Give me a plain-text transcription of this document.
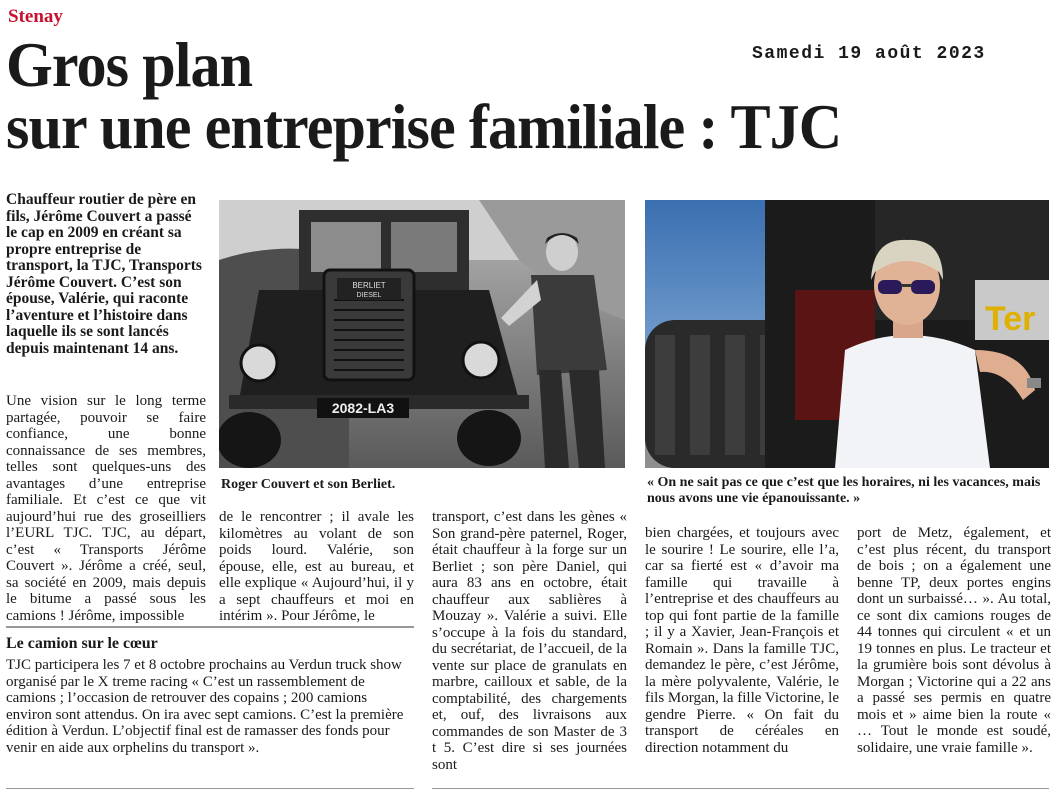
Stenay
Samedi 19 août 2023
Gros plan
sur une entreprise familiale : TJC

Chauffeur routier de père en fils, Jérôme Couvert a passé le cap en 2009 en créant sa propre entreprise de transport, la TJC, Transports Jérôme Couvert. C’est son épouse, Valérie, qui raconte l’aventure et l’histoire dans laquelle ils se sont lancés depuis maintenant 14 ans.

Une vision sur le long terme partagée, pouvoir se faire confiance, une bonne connaissance de ses membres, telles sont quelques-uns des avantages d’une entreprise familiale. Et c’est ce que vit aujourd’hui rue des groseilliers l’EURL TJC. TJC, au départ, c’est « Transports Jérôme Couvert ». Jérôme a créé, seul, sa société en 2009, mais depuis le bitume a passé sous les camions ! Jérôme, impossible

BERLIET
DIESEL
2082-LA3

Roger Couvert et son Berliet.

Ter

« On ne sait pas ce que c’est que les horaires, ni les vacances, mais nous avons une vie épanouissante. »

de le rencontrer ; il avale les kilomètres au volant de son poids lourd. Valérie, son épouse, elle, est au bureau, et elle explique « Aujourd’hui, il y a sept chauffeurs et moi en intérim ». Pour Jérôme, le

Le camion sur le cœur

TJC participera les 7 et 8 octobre prochains au Verdun truck show organisé par le X treme racing « C’est un rassemblement de camions ; l’occasion de retrouver des copains ; 200 camions environ sont attendus. On ira avec sept camions. C’est la première édition à Verdun. L’objectif final est de ramasser des fonds pour venir en aide aux orphelins du transport ».

transport, c’est dans les gènes « Son grand-père paternel, Roger, était chauffeur à la forge sur un Berliet ; son père Daniel, qui aura 83 ans en octobre, était chauffeur aux sablières à Mouzay ». Valérie a suivi. Elle s’occupe à la fois du standard, du secrétariat, de l’accueil, de la vente sur place de granulats en marbre, cailloux et sable, de la comptabilité, des chargements et, ouf, des livraisons aux commandes de son Master de 3 t 5. C’est dire si ses journées sont

bien chargées, et toujours avec le sourire ! Le sourire, elle l’a, car sa fierté est « d’avoir ma famille qui travaille à l’entreprise et des chauffeurs au top qui font partie de la famille ; il y a Xavier, Jean-François et Romain ». Dans la famille TJC, demandez le père, c’est Jérôme, la mère polyvalente, Valérie, le fils Morgan, la fille Victorine, le gendre Pierre. « On fait du transport de céréales en direction notamment du

port de Metz, également, et c’est plus récent, du transport de bois ; on a également une benne TP, deux portes engins dont un surbaissé… ». Au total, ce sont dix camions rouges de 44 tonnes qui circulent « et un 19 tonnes en plus. Le tracteur et la grumière bois sont dévolus à Morgan ; Victorine qui a 22 ans a passé ses permis en quatre mois et » aime bien la route « … Tout le monde est soudé, solidaire, une vraie famille ».
